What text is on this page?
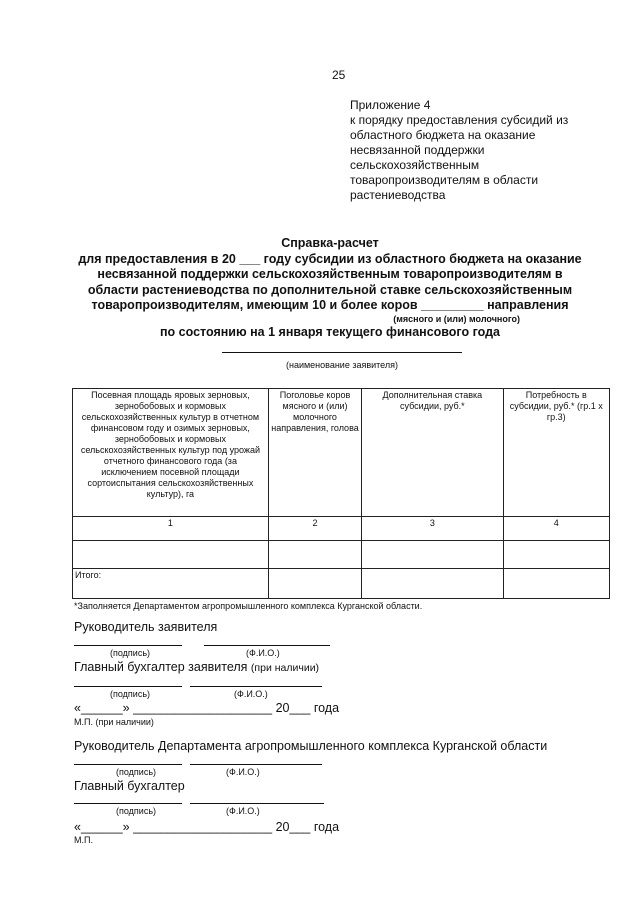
25
Приложение 4
к порядку предоставления субсидий из
областного бюджета на оказание
несвязанной поддержки
сельскохозяйственным
товаропроизводителям в области
растениеводства
Справка-расчет
для предоставления в 20 ___ году субсидии из областного бюджета на оказание
несвязанной поддержки сельскохозяйственным товаропроизводителям в
области растениеводства по дополнительной ставке сельскохозяйственным
товаропроизводителям, имеющим 10 и более коров _________ направления
(мясного и (или) молочного)
по состоянию на 1 января текущего финансового года
(наименование заявителя)
Посевная площадь яровых зерновых, зернобобовых и кормовых сельскохозяйственных культур в отчетном финансовом году и озимых зерновых, зернобобовых и кормовых сельскохозяйственных культур под урожай отчетного финансового года (за исключением посевной площади сортоиспытания сельскохозяйственных культур), га	Поголовье коров мясного и (или) молочного направления, голова	Дополнительная ставка субсидии, руб.*	Потребность в субсидии, руб.* (гр.1 х гр.3)
1	2	3	4

Итого:			
*Заполняется Департаментом агропромышленного комплекса Курганской области.
Руководитель заявителя
(подпись)	(Ф.И.О.)
Главный бухгалтер заявителя (при наличии)
(подпись)	(Ф.И.О.)
«______» ____________________ 20___ года
М.П. (при наличии)
Руководитель Департамента агропромышленного комплекса Курганской области
(подпись)	(Ф.И.О.)
Главный бухгалтер
(подпись)	(Ф.И.О.)
«______» ____________________ 20___ года
М.П.
